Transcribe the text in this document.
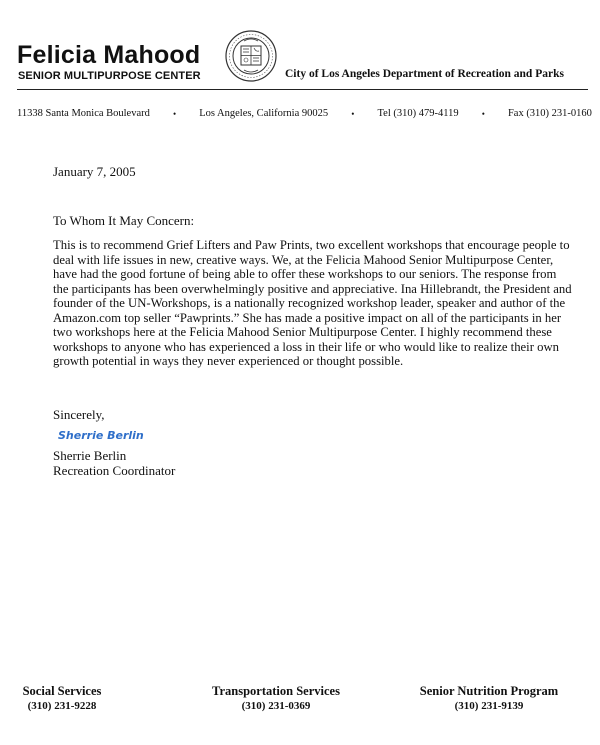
Felicia Mahood
SENIOR MULTIPURPOSE CENTER	City of Los Angeles Department of Recreation and Parks
11338 Santa Monica Boulevard	• Los Angeles, California 90025	• Tel (310) 479-4119	• Fax (310) 231-0160
January 7, 2005
To Whom It May Concern:

This is to recommend Grief Lifters and Paw Prints, two excellent workshops that encourage people to deal with life issues in new, creative ways. We, at the Felicia Mahood Senior Multipurpose Center, have had the good fortune of being able to offer these workshops to our seniors. The response from the participants has been overwhelmingly positive and appreciative. Ina Hillebrandt, the President and founder of the UN-Workshops, is a nationally recognized workshop leader, speaker and author of the Amazon.com top seller “Pawprints.” She has made a positive impact on all of the participants in her two workshops here at the Felicia Mahood Senior Multipurpose Center. I highly recommend these workshops to anyone who has experienced a loss in their life or who would like to realize their own growth potential in ways they never experienced or thought possible.

Sincerely,
Sherrie Berlin
Sherrie Berlin
Recreation Coordinator
Social Services
(310) 231-9228
Transportation Services
(310) 231-0369
Senior Nutrition Program
(310) 231-9139
